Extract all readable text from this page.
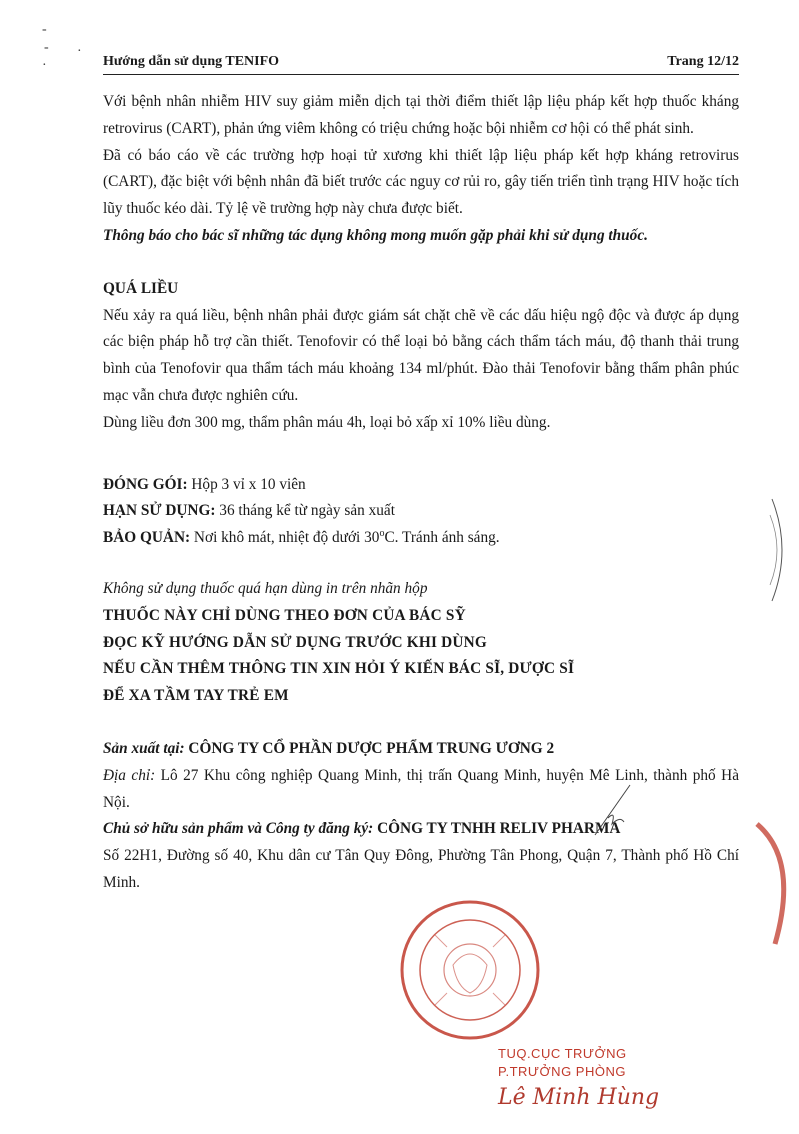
-
-
·
·
Hướng dẫn sử dụng TENIFO	Trang 12/12

Với bệnh nhân nhiễm HIV suy giảm miễn dịch tại thời điểm thiết lập liệu pháp kết hợp thuốc kháng retrovirus (CART), phản ứng viêm không có triệu chứng hoặc bội nhiễm cơ hội có thể phát sinh.

Đã có báo cáo về các trường hợp hoại tử xương khi thiết lập liệu pháp kết hợp kháng retrovirus (CART), đặc biệt với bệnh nhân đã biết trước các nguy cơ rủi ro, gây tiến triển tình trạng HIV hoặc tích lũy thuốc kéo dài. Tỷ lệ về trường hợp này chưa được biết.

Thông báo cho bác sĩ những tác dụng không mong muốn gặp phải khi sử dụng thuốc.

QUÁ LIỀU

Nếu xảy ra quá liều, bệnh nhân phải được giám sát chặt chẽ về các dấu hiệu ngộ độc và được áp dụng các biện pháp hỗ trợ cần thiết. Tenofovir có thể loại bỏ bằng cách thẩm tách máu, độ thanh thải trung bình của Tenofovir qua thẩm tách máu khoảng 134 ml/phút. Đào thải Tenofovir bằng thẩm phân phúc mạc vẫn chưa được nghiên cứu.

Dùng liều đơn 300 mg, thẩm phân máu 4h, loại bỏ xấp xỉ 10% liều dùng.

ĐÓNG GÓI: Hộp 3 vỉ x 10 viên

HẠN SỬ DỤNG: 36 tháng kể từ ngày sản xuất

BẢO QUẢN: Nơi khô mát, nhiệt độ dưới 30$^o$C. Tránh ánh sáng.

Không sử dụng thuốc quá hạn dùng in trên nhãn hộp

THUỐC NÀY CHỈ DÙNG THEO ĐƠN CỦA BÁC SỸ

ĐỌC KỸ HƯỚNG DẪN SỬ DỤNG TRƯỚC KHI DÙNG

NẾU CẦN THÊM THÔNG TIN XIN HỎI Ý KIẾN BÁC SĨ, DƯỢC SĨ

ĐỂ XA TẦM TAY TRẺ EM

Sản xuất tại: CÔNG TY CỔ PHẦN DƯỢC PHẨM TRUNG ƯƠNG 2

Địa chỉ: Lô 27 Khu công nghiệp Quang Minh, thị trấn Quang Minh, huyện Mê Linh, thành phố Hà Nội.

Chủ sở hữu sản phẩm và Công ty đăng ký: CÔNG TY TNHH RELIV PHARMA

Số 22H1, Đường số 40, Khu dân cư Tân Quy Đông, Phường Tân Phong, Quận 7, Thành phố Hồ Chí Minh.

TUQ.CỤC TRƯỞNG
P.TRƯỞNG PHÒNG
Lê Minh Hùng
